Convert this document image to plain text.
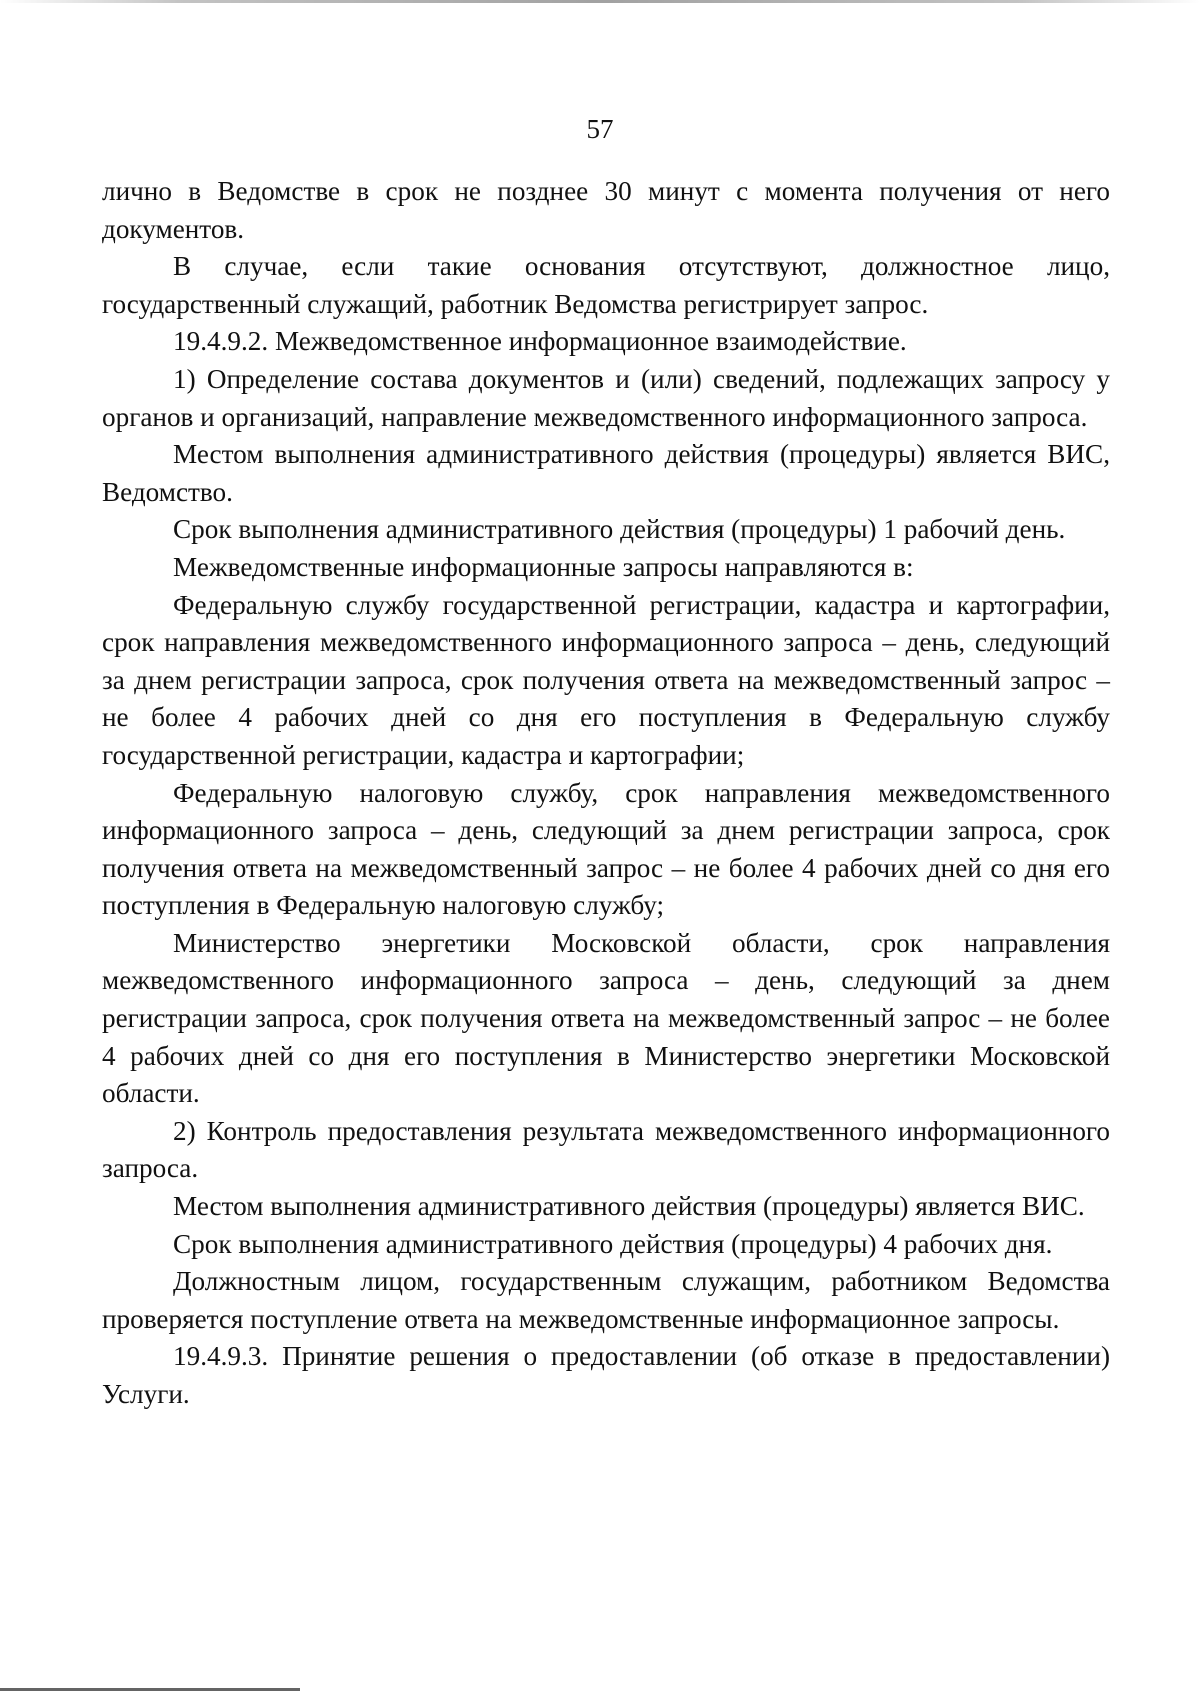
57

лично в Ведомстве в срок не позднее 30 минут с момента получения от него документов.

В случае, если такие основания отсутствуют, должностное лицо, государственный служащий, работник Ведомства регистрирует запрос.

19.4.9.2. Межведомственное информационное взаимодействие.

1) Определение состава документов и (или) сведений, подлежащих запросу у органов и организаций, направление межведомственного информационного запроса.

Местом выполнения административного действия (процедуры) является ВИС, Ведомство.

Срок выполнения административного действия (процедуры) 1 рабочий день.

Межведомственные информационные запросы направляются в:

Федеральную службу государственной регистрации, кадастра и картографии, срок направления межведомственного информационного запроса – день, следующий за днем регистрации запроса, срок получения ответа на межведомственный запрос – не более 4 рабочих дней со дня его поступления в Федеральную службу государственной регистрации, кадастра и картографии;

Федеральную налоговую службу, срок направления межведомственного информационного запроса – день, следующий за днем регистрации запроса, срок получения ответа на межведомственный запрос – не более 4 рабочих дней со дня его поступления в Федеральную налоговую службу;

Министерство энергетики Московской области, срок направления межведомственного информационного запроса – день, следующий за днем регистрации запроса, срок получения ответа на межведомственный запрос – не более 4 рабочих дней со дня его поступления в Министерство энергетики Московской области.

2) Контроль предоставления результата межведомственного информационного запроса.

Местом выполнения административного действия (процедуры) является ВИС.

Срок выполнения административного действия (процедуры) 4 рабочих дня.

Должностным лицом, государственным служащим, работником Ведомства проверяется поступление ответа на межведомственные информационное запросы.

19.4.9.3. Принятие решения о предоставлении (об отказе в предоставлении) Услуги.
